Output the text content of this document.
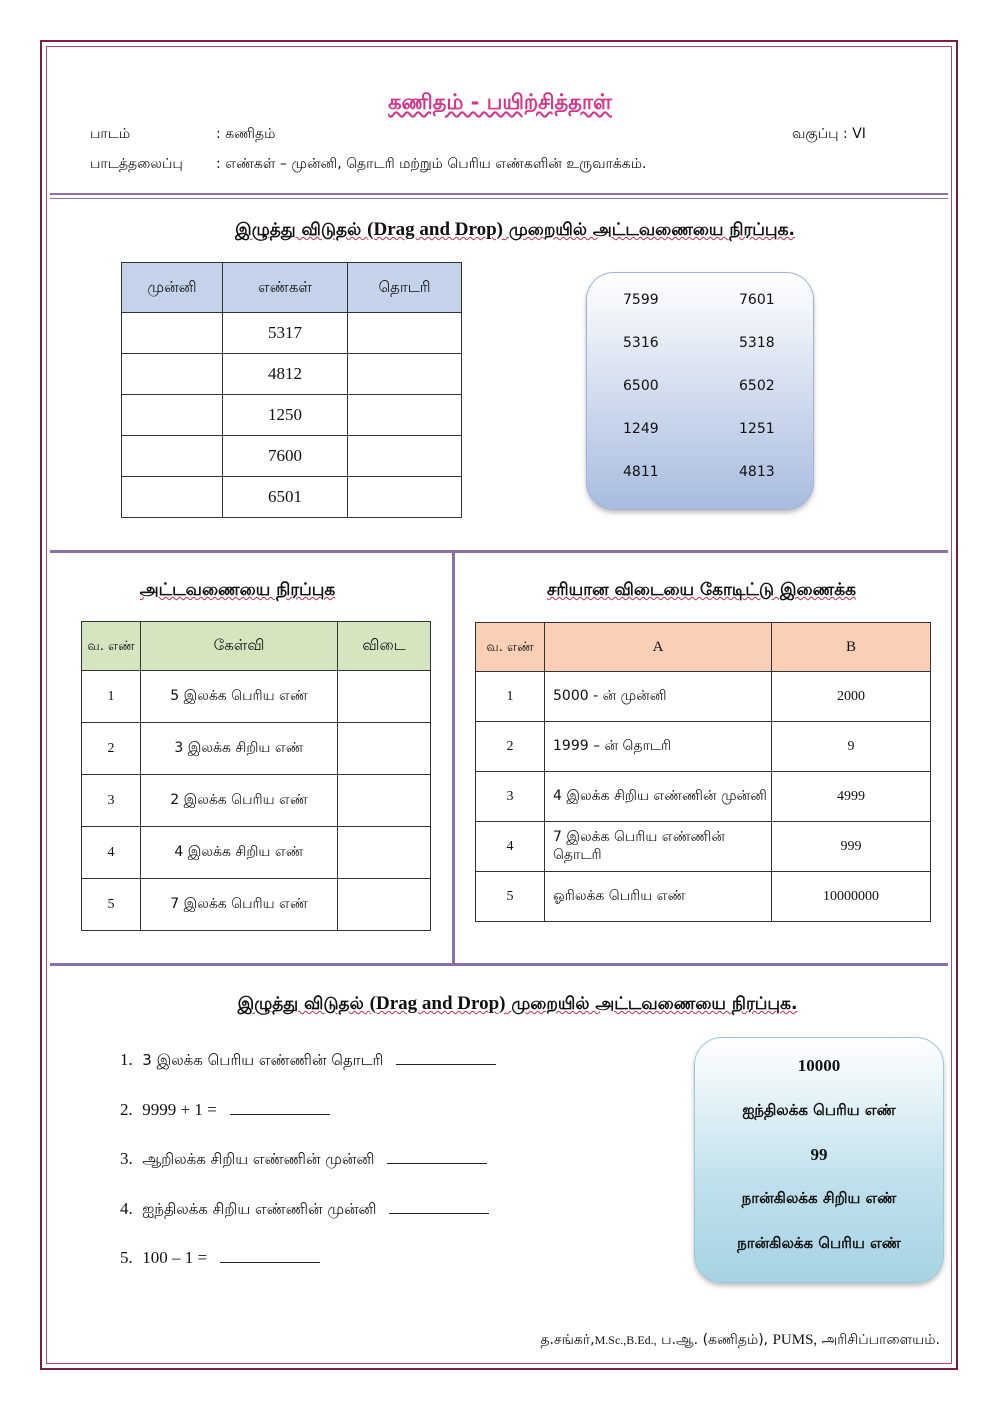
கணிதம் - பயிற்சித்தாள்
பாடம்	: கணிதம்	வகுப்பு : VI
பாடத்தலைப்பு : எண்கள் – முன்னி, தொடரி மற்றும் பெரிய எண்களின் உருவாக்கம்.
இழுத்து விடுதல் (Drag and Drop) முறையில் அட்டவணையை நிரப்புக.
முன்னி	எண்கள்	தொடரி
	5317	
	4812	
	1250	
	7600	
	6501	
7599	7601
5316	5318
6500	6502
1249	1251
4811	4813
அட்டவணையை நிரப்புக
வ. எண்	கேள்வி	விடை
1	5 இலக்க பெரிய எண்	
2	3 இலக்க சிறிய எண்	
3	2 இலக்க பெரிய எண்	
4	4 இலக்க சிறிய எண்	
5	7 இலக்க பெரிய எண்	
சரியான விடையை கோடிட்டு இணைக்க
வ. எண்	A	B
1	5000 - ன் முன்னி	2000
2	1999 – ன் தொடரி	9
3	4 இலக்க சிறிய எண்ணின் முன்னி	4999
4	7 இலக்க பெரிய எண்ணின் தொடரி	999
5	ஓரிலக்க பெரிய எண்	10000000
இழுத்து விடுதல் (Drag and Drop) முறையில் அட்டவணையை நிரப்புக.
1. 3 இலக்க பெரிய எண்ணின் தொடரி
2. 9999 + 1 =
3. ஆறிலக்க சிறிய எண்ணின் முன்னி
4. ஐந்திலக்க சிறிய எண்ணின் முன்னி
5. 100 – 1 =
10000
ஐந்திலக்க பெரிய எண்
99
நான்கிலக்க சிறிய எண்
நான்கிலக்க பெரிய எண்
த.சங்கர்,M.Sc.,B.Ed., ப.ஆ. (கணிதம்), PUMS, அரிசிப்பாளையம்.
